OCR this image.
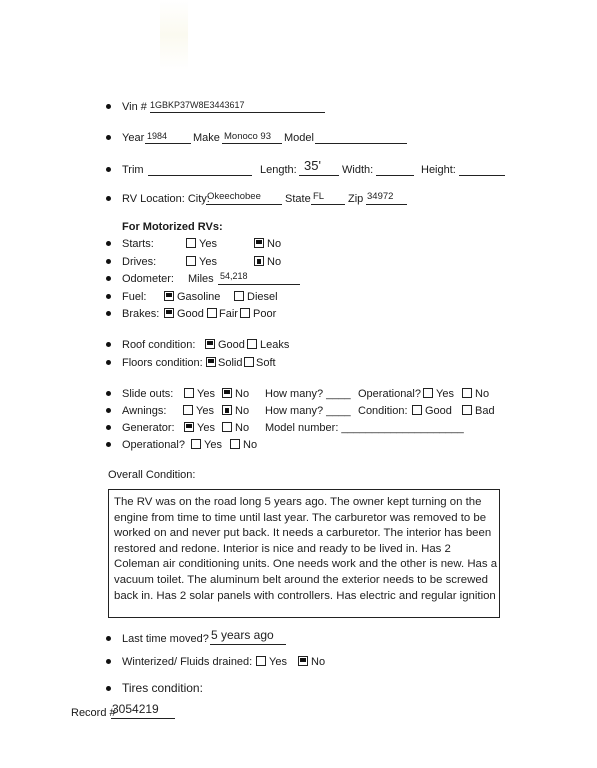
Vin # 1GBKP37W8E3443617
Year 1984 Make Monoco 93 Model
Trim	Length: 35' Width:	Height:
RV Location: City:
Okeechobee State FL Zip 34972
For Motorized RVs:
Starts:	Yes	No
Drives:	Yes	No
Odometer: Miles 54,218
Fuel:	Gasoline Diesel
Brakes: Good Fair Poor
Roof condition: Good Leaks
Floors condition: Solid Soft
Slide outs: Yes No How many? ____ Operational? Yes No
Awnings:	Yes No How many? ____ Condition: Good Bad
Generator: Yes No Model number: ____________________
Operational? Yes No
Overall Condition:
The RV was on the road long 5 years ago. The owner kept turning on the engine from time to time until last year. The carburetor was removed to be worked on and never put back. It needs a carburetor. The interior has been restored and redone. Interior is nice and ready to be lived in. Has 2 Coleman air conditioning units. One needs work and the other is new. Has a vacuum toilet. The aluminum belt around the exterior needs to be screwed back in. Has 2 solar panels with controllers. Has electric and regular ignition
Last time moved? 5 years ago
Winterized/ Fluids drained: Yes No
Tires condition:
Record #
3054219
